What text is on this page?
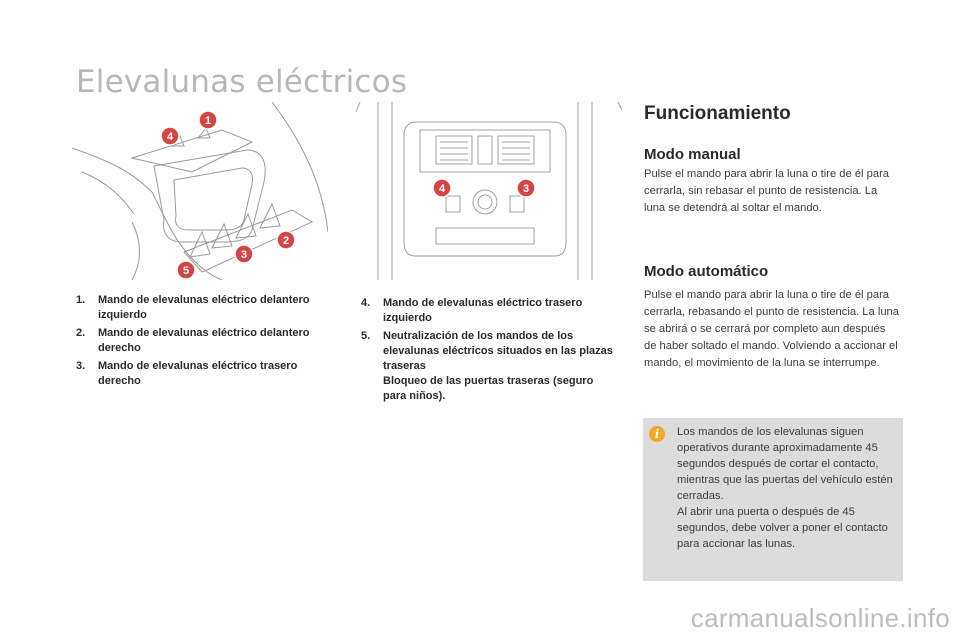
Elevalunas eléctricos
1
2
3
4
5
3
4
1.	Mando de elevalunas eléctrico delantero izquierdo
2.	Mando de elevalunas eléctrico delantero derecho
3.	Mando de elevalunas eléctrico trasero derecho
4.	Mando de elevalunas eléctrico trasero izquierdo
5.	Neutralización de los mandos de los elevalunas eléctricos situados en las plazas traseras
Bloqueo de las puertas traseras (seguro para niños).
Funcionamiento
Modo manual

Pulse el mando para abrir la luna o tire de él para cerrarla, sin rebasar el punto de resistencia. La luna se detendrá al soltar el mando.

Modo automático

Pulse el mando para abrir la luna o tire de él para cerrarla, rebasando el punto de resistencia. La luna se abrirá o se cerrará por completo aun después de haber soltado el mando. Volviendo a accionar el mando, el movimiento de la luna se interrumpe.

i	Los mandos de los elevalunas siguen operativos durante aproximadamente 45 segundos después de cortar el contacto, mientras que las puertas del vehículo estén cerradas.
Al abrir una puerta o después de 45 segundos, debe volver a poner el contacto para accionar las lunas.

carmanualsonline.info
